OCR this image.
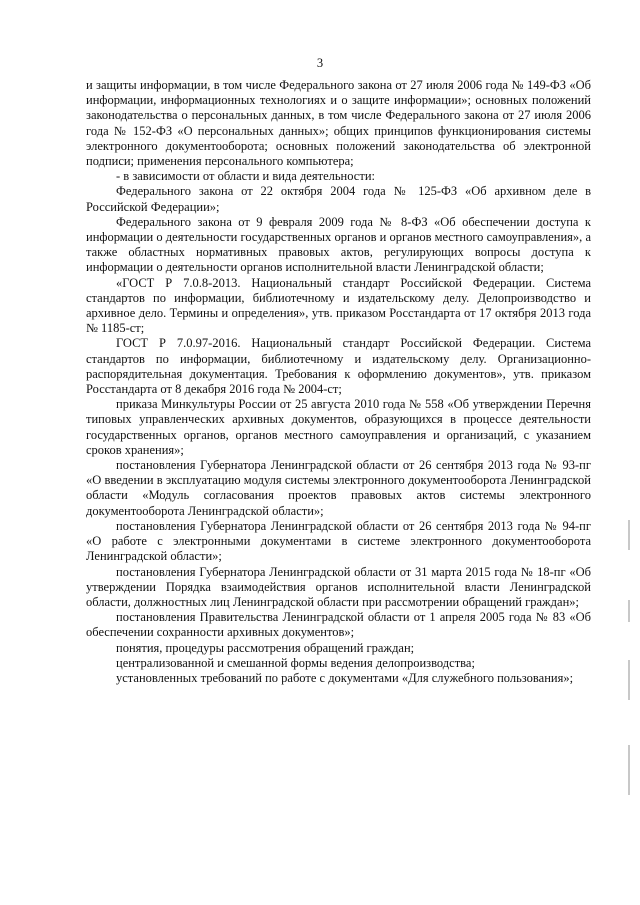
3

и защиты информации, в том числе Федерального закона от 27 июля 2006 года № 149-ФЗ «Об информации, информационных технологиях и о защите информации»; основных положений законодательства о персональных данных, в том числе Федерального закона от 27 июля 2006 года № 152-ФЗ «О персональных данных»; общих принципов функционирования системы электронного документооборота; основных положений законодательства об электронной подписи; применения персонального компьютера;

- в зависимости от области и вида деятельности:

Федерального закона от 22 октября 2004 года № 125-ФЗ «Об архивном деле в Российской Федерации»;

Федерального закона от 9 февраля 2009 года № 8-ФЗ «Об обеспечении доступа к информации о деятельности государственных органов и органов местного самоуправления», а также областных нормативных правовых актов, регулирующих вопросы доступа к информации о деятельности органов исполнительной власти Ленинградской области;

«ГОСТ Р 7.0.8-2013. Национальный стандарт Российской Федерации. Система стандартов по информации, библиотечному и издательскому делу. Делопроизводство и архивное дело. Термины и определения», утв. приказом Росстандарта от 17 октября 2013 года № 1185-ст;

ГОСТ Р 7.0.97-2016. Национальный стандарт Российской Федерации. Система стандартов по информации, библиотечному и издательскому делу. Организационно-распорядительная документация. Требования к оформлению документов», утв. приказом Росстандарта от 8 декабря 2016 года № 2004-ст;

приказа Минкультуры России от 25 августа 2010 года № 558 «Об утверждении Перечня типовых управленческих архивных документов, образующихся в процессе деятельности государственных органов, органов местного самоуправления и организаций, с указанием сроков хранения»;

постановления Губернатора Ленинградской области от 26 сентября 2013 года № 93-пг «О введении в эксплуатацию модуля системы электронного документооборота Ленинградской области «Модуль согласования проектов правовых актов системы электронного документооборота Ленинградской области»;

постановления Губернатора Ленинградской области от 26 сентября 2013 года № 94-пг «О работе с электронными документами в системе электронного документооборота Ленинградской области»;

постановления Губернатора Ленинградской области от 31 марта 2015 года № 18-пг «Об утверждении Порядка взаимодействия органов исполнительной власти Ленинградской области, должностных лиц Ленинградской области при рассмотрении обращений граждан»;

постановления Правительства Ленинградской области от 1 апреля 2005 года № 83 «Об обеспечении сохранности архивных документов»;

понятия, процедуры рассмотрения обращений граждан;

централизованной и смешанной формы ведения делопроизводства;

установленных требований по работе с документами «Для служебного пользования»;
